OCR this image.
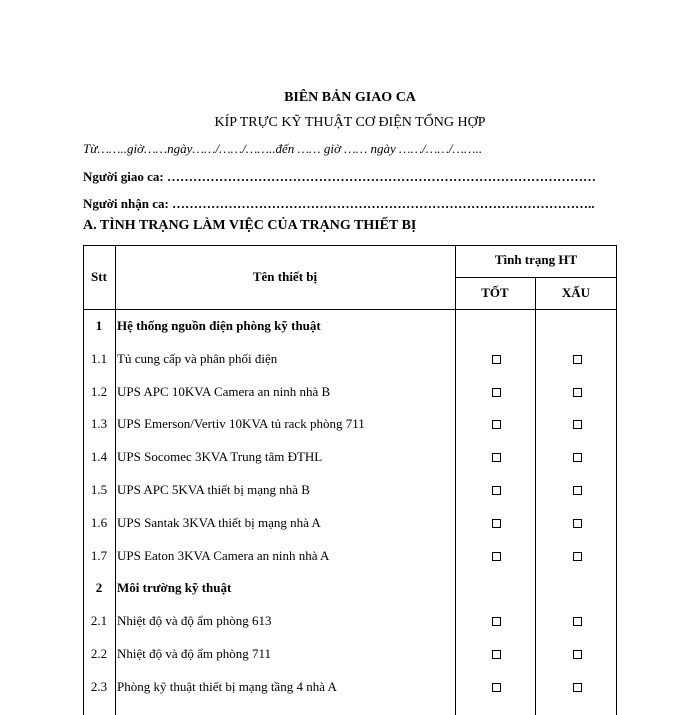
BIÊN BẢN GIAO CA
KÍP TRỰC KỸ THUẬT CƠ ĐIỆN TỔNG HỢP
Từ……..giờ……ngày……/……/……..đến …… giờ …… ngày ……/……/……..
Người giao ca: ………………………………………………………………………………………
Người nhận ca: ……………………………………………………………………………………..
A. TÌNH TRẠNG LÀM VIỆC CỦA TRẠNG THIẾT BỊ
Stt	Tên thiết bị
Tình trạng HT
TỐT	XẤU
1	Hệ thống nguồn điện phòng kỹ thuật
1.1 Tủ cung cấp và phân phối điện
1.2 UPS APC 10KVA Camera an ninh nhà B
1.3 UPS Emerson/Vertiv 10KVA tủ rack phòng 711
1.4 UPS Socomec 3KVA Trung tâm ĐTHL
1.5 UPS APC 5KVA thiết bị mạng nhà B
1.6 UPS Santak 3KVA thiết bị mạng nhà A
1.7 UPS Eaton 3KVA Camera an ninh nhà A
2	Môi trường kỹ thuật
2.1 Nhiệt độ và độ ẩm phòng 613
2.2 Nhiệt độ và độ ẩm phòng 711
2.3 Phòng kỹ thuật thiết bị mạng tầng 4 nhà A
